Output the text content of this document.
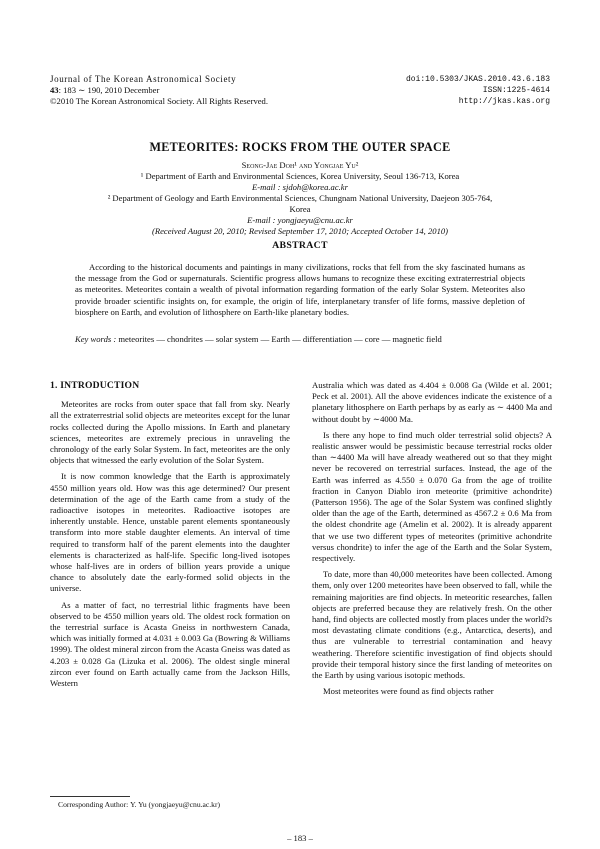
Journal of The Korean Astronomical Society
43: 183 ∼ 190, 2010 December
©2010 The Korean Astronomical Society. All Rights Reserved.
doi:10.5303/JKAS.2010.43.6.183
ISSN:1225-4614
http://jkas.kas.org
METEORITES: ROCKS FROM THE OUTER SPACE
Seong-Jae Doh¹ and Yongjae Yu²
¹ Department of Earth and Environmental Sciences, Korea University, Seoul 136-713, Korea
E-mail : sjdoh@korea.ac.kr
² Department of Geology and Earth Environmental Sciences, Chungnam National University, Daejeon 305-764,
Korea
E-mail : yongjaeyu@cnu.ac.kr
(Received August 20, 2010; Revised September 17, 2010; Accepted October 14, 2010)
ABSTRACT
According to the historical documents and paintings in many civilizations, rocks that fell from the sky fascinated humans as the message from the God or supernaturals. Scientific progress allows humans to recognize these exciting extraterrestrial objects as meteorites. Meteorites contain a wealth of pivotal information regarding formation of the early Solar System. Meteorites also provide broader scientific insights on, for example, the origin of life, interplanetary transfer of life forms, massive depletion of biosphere on Earth, and evolution of lithosphere on Earth-like planetary bodies.
Key words : meteorites — chondrites — solar system — Earth — differentiation — core — magnetic field
1. INTRODUCTION

Meteorites are rocks from outer space that fall from sky. Nearly all the extraterrestrial solid objects are meteorites except for the lunar rocks collected during the Apollo missions. In Earth and planetary sciences, meteorites are extremely precious in unraveling the chronology of the early Solar System. In fact, meteorites are the only objects that witnessed the early evolution of the Solar System.

It is now common knowledge that the Earth is approximately 4550 million years old. How was this age determined? Our present determination of the age of the Earth came from a study of the radioactive isotopes in meteorites. Radioactive isotopes are inherently unstable. Hence, unstable parent elements spontaneously transform into more stable daughter elements. An interval of time required to transform half of the parent elements into the daughter elements is characterized as half-life. Specific long-lived isotopes whose half-lives are in orders of billion years provide a unique chance to absolutely date the early-formed solid objects in the universe.

As a matter of fact, no terrestrial lithic fragments have been observed to be 4550 million years old. The oldest rock formation on the terrestrial surface is Acasta Gneiss in northwestern Canada, which was initially formed at 4.031 ± 0.003 Ga (Bowring & Williams 1999). The oldest mineral zircon from the Acasta Gneiss was dated as 4.203 ± 0.028 Ga (Lizuka et al. 2006). The oldest single mineral zircon ever found on Earth actually came from the Jackson Hills, Western

Australia which was dated as 4.404 ± 0.008 Ga (Wilde et al. 2001; Peck et al. 2001). All the above evidences indicate the existence of a planetary lithosphere on Earth perhaps by as early as ∼ 4400 Ma and without doubt by ∼4000 Ma.

Is there any hope to find much older terrestrial solid objects? A realistic answer would be pessimistic because terrestrial rocks older than ∼4400 Ma will have already weathered out so that they might never be recovered on terrestrial surfaces. Instead, the age of the Earth was inferred as 4.550 ± 0.070 Ga from the age of troilite fraction in Canyon Diablo iron meteorite (primitive achondrite) (Patterson 1956). The age of the Solar System was confined slightly older than the age of the Earth, determined as 4567.2 ± 0.6 Ma from the oldest chondrite age (Amelin et al. 2002). It is already apparent that we use two different types of meteorites (primitive achondrite versus chondrite) to infer the age of the Earth and the Solar System, respectively.

To date, more than 40,000 meteorites have been collected. Among them, only over 1200 meteorites have been observed to fall, while the remaining majorities are find objects. In meteoritic researches, fallen objects are preferred because they are relatively fresh. On the other hand, find objects are collected mostly from places under the world?s most devastating climate conditions (e.g., Antarctica, deserts), and thus are vulnerable to terrestrial contamination and heavy weathering. Therefore scientific investigation of find objects should provide their temporal history since the first landing of meteorites on the Earth by using various isotopic methods.

Most meteorites were found as find objects rather

Corresponding Author: Y. Yu (yongjaeyu@cnu.ac.kr)
– 183 –
